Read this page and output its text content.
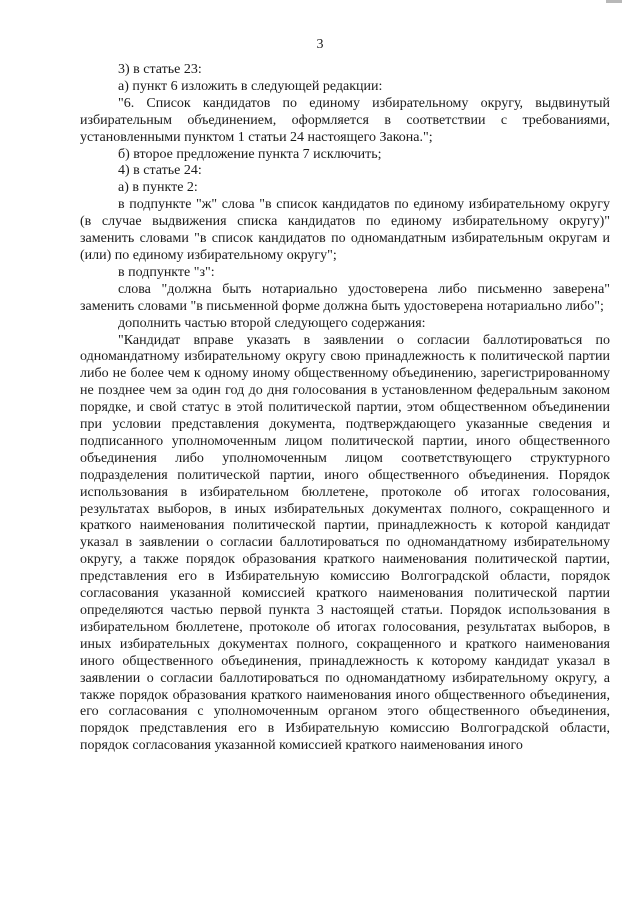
3

3) в статье 23:

а) пункт 6 изложить в следующей редакции:

"6. Список кандидатов по единому избирательному округу, выдвинутый избирательным объединением, оформляется в соответствии с требованиями, установленными пунктом 1 статьи 24 настоящего Закона.";

б) второе предложение пункта 7 исключить;

4) в статье 24:

а) в пункте 2:

в подпункте "ж" слова "в список кандидатов по единому избирательному округу (в случае выдвижения списка кандидатов по единому избирательному округу)" заменить словами "в список кандидатов по одномандатным избирательным округам и (или) по единому избирательному округу";

в подпункте "з":

слова "должна быть нотариально удостоверена либо письменно заверена" заменить словами "в письменной форме должна быть удостоверена нотариально либо";

дополнить частью второй следующего содержания:

"Кандидат вправе указать в заявлении о согласии баллотироваться по одномандатному избирательному округу свою принадлежность к политической партии либо не более чем к одному иному общественному объединению, зарегистрированному не позднее чем за один год до дня голосования в установленном федеральным законом порядке, и свой статус в этой политической партии, этом общественном объединении при условии представления документа, подтверждающего указанные сведения и подписанного уполномоченным лицом политической партии, иного общественного объединения либо уполномоченным лицом соответствующего структурного подразделения политической партии, иного общественного объединения. Порядок использования в избирательном бюллетене, протоколе об итогах голосования, результатах выборов, в иных избирательных документах полного, сокращенного и краткого наименования политической партии, принадлежность к которой кандидат указал в заявлении о согласии баллотироваться по одномандатному избирательному округу, а также порядок образования краткого наименования политической партии, представления его в Избирательную комиссию Волгоградской области, порядок согласования указанной комиссией краткого наименования политической партии определяются частью первой пункта 3 настоящей статьи. Порядок использования в избирательном бюллетене, протоколе об итогах голосования, результатах выборов, в иных избирательных документах полного, сокращенного и краткого наименования иного общественного объединения, принадлежность к которому кандидат указал в заявлении о согласии баллотироваться по одномандатному избирательному округу, а также порядок образования краткого наименования иного общественного объединения, его согласования с уполномоченным органом этого общественного объединения, порядок представления его в Избирательную комиссию Волгоградской области, порядок согласования указанной комиссией краткого наименования иного
